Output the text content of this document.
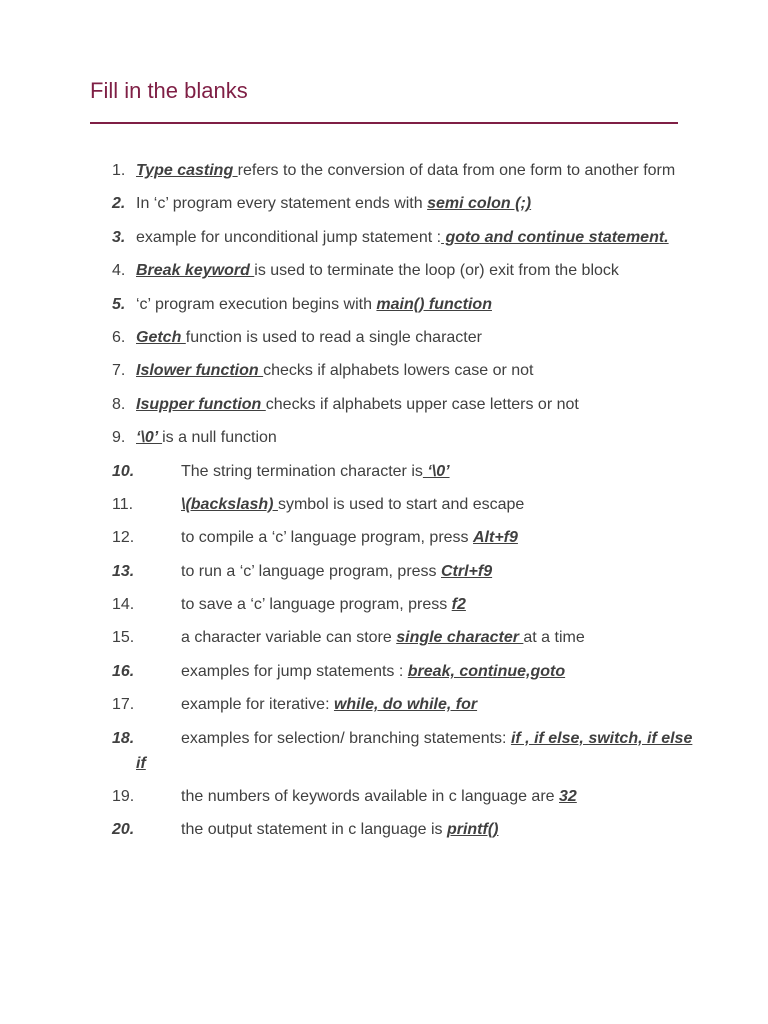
Fill in the blanks
1. Type casting refers to the conversion of data from one form to another form
2. In ‘c’ program every statement ends with semi colon (;)
3. example for unconditional jump statement : goto and continue statement.
4. Break keyword is used to terminate the loop (or) exit from the block
5. ‘c’ program execution begins with main() function
6. Getch function is used to read a single character
7. Islower function checks if alphabets lowers case or not
8. Isupper function checks if alphabets upper case letters or not
9. ‘\0’ is a null function
10.	The string termination character is ‘\0’
11.	\(backslash) symbol is used to start and escape
12.	to compile a ‘c’ language program, press Alt+f9
13.	to run a ‘c’ language program, press Ctrl+f9
14.	to save a ‘c’ language program, press f2
15.	a character variable can store single character at a time
16.	examples for jump statements : break, continue,goto
17.	example for iterative: while, do while, for
18.	examples for selection/ branching statements: if , if else, switch, if else if
19.	the numbers of keywords available in c language are 32
20.	the output statement in c language is printf()
